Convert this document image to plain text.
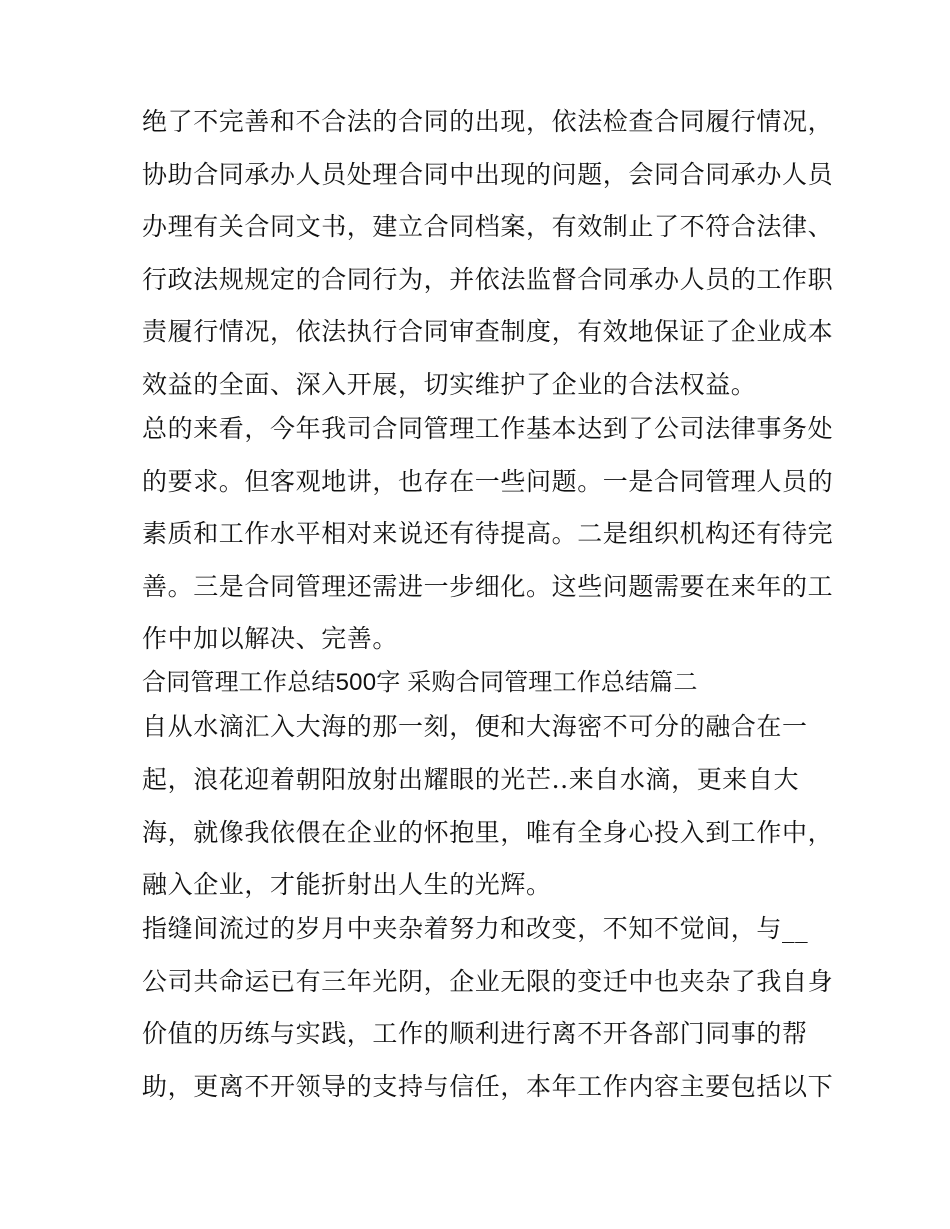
绝了不完善和不合法的合同的出现，依法检查合同履行情况，
协助合同承办人员处理合同中出现的问题，会同合同承办人员
办理有关合同文书，建立合同档案，有效制止了不符合法律、
行政法规规定的合同行为，并依法监督合同承办人员的工作职
责履行情况，依法执行合同审查制度，有效地保证了企业成本
效益的全面、深入开展，切实维护了企业的合法权益。
总的来看，今年我司合同管理工作基本达到了公司法律事务处
的要求。但客观地讲，也存在一些问题。一是合同管理人员的
素质和工作水平相对来说还有待提高。二是组织机构还有待完
善。三是合同管理还需进一步细化。这些问题需要在来年的工
作中加以解决、完善。
合同管理工作总结500字 采购合同管理工作总结篇二
自从水滴汇入大海的那一刻，便和大海密不可分的融合在一
起，浪花迎着朝阳放射出耀眼的光芒..来自水滴，更来自大
海，就像我依偎在企业的怀抱里，唯有全身心投入到工作中，
融入企业，才能折射出人生的光辉。
指缝间流过的岁月中夹杂着努力和改变，不知不觉间，与__
公司共命运已有三年光阴，企业无限的变迁中也夹杂了我自身
价值的历练与实践，工作的顺利进行离不开各部门同事的帮
助，更离不开领导的支持与信任，本年工作内容主要包括以下
